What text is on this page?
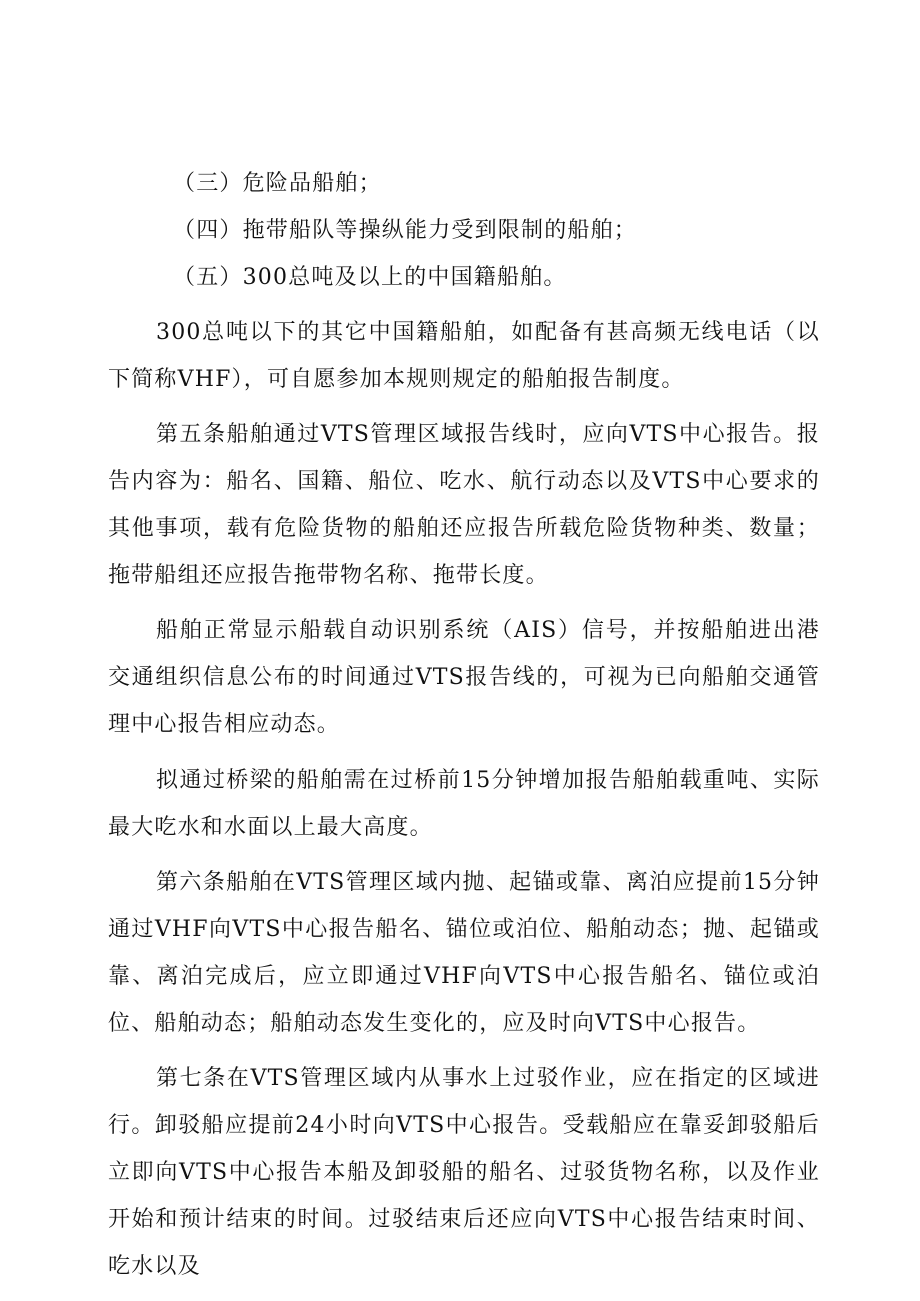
（三）危险品船舶；

（四）拖带船队等操纵能力受到限制的船舶；

（五）300总吨及以上的中国籍船舶。

300总吨以下的其它中国籍船舶，如配备有甚高频无线电话（以下简称VHF），可自愿参加本规则规定的船舶报告制度。

第五条船舶通过VTS管理区域报告线时，应向VTS中心报告。报告内容为：船名、国籍、船位、吃水、航行动态以及VTS中心要求的其他事项，载有危险货物的船舶还应报告所载危险货物种类、数量；拖带船组还应报告拖带物名称、拖带长度。

船舶正常显示船载自动识别系统（AIS）信号，并按船舶进出港交通组织信息公布的时间通过VTS报告线的，可视为已向船舶交通管理中心报告相应动态。

拟通过桥梁的船舶需在过桥前15分钟增加报告船舶载重吨、实际最大吃水和水面以上最大高度。

第六条船舶在VTS管理区域内抛、起锚或靠、离泊应提前15分钟通过VHF向VTS中心报告船名、锚位或泊位、船舶动态；抛、起锚或靠、离泊完成后，应立即通过VHF向VTS中心报告船名、锚位或泊位、船舶动态；船舶动态发生变化的，应及时向VTS中心报告。

第七条在VTS管理区域内从事水上过驳作业，应在指定的区域进行。卸驳船应提前24小时向VTS中心报告。受载船应在靠妥卸驳船后立即向VTS中心报告本船及卸驳船的船名、过驳货物名称，以及作业开始和预计结束的时间。过驳结束后还应向VTS中心报告结束时间、吃水以及
